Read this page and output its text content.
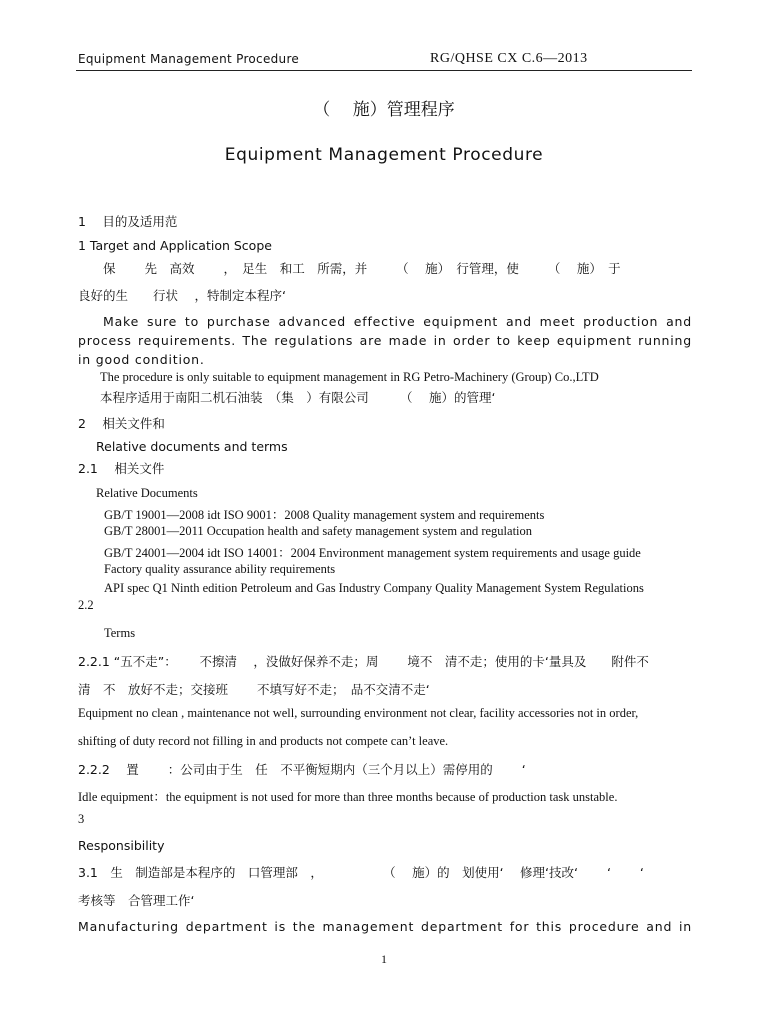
Equipment Management Procedure	RG/QHSE CX C.6—2013
（　 施）管理程序
Equipment Management Procedure
1　 目的及适用范
1 Target and Application Scope
保　　 先　高效　　 ，　足生　和工　所需，并　　 （　 施）　行管理，使　　 （　 施）　于
良好的生　　行状　 ，特制定本程序ʻ
Make sure to purchase advanced effective equipment and meet production and process requirements. The regulations are made in order to keep equipment running in good condition.
The procedure is only suitable to equipment management in RG Petro-Machinery (Group) Co.,LTD
本程序适用于南阳二机石油装　（集　）有限公司　　　（　 施）的管理ʻ
2　 相关文件和
Relative documents and terms
2.1　 相关文件
Relative Documents
GB/T 19001—2008 idt ISO 9001：2008 Quality management system and requirements
GB/T 28001—2011 Occupation health and safety management system and regulation
GB/T 24001—2004 idt ISO 14001：2004 Environment management system requirements and usage guide
Factory quality assurance ability requirements
API spec Q1 Ninth edition Petroleum and Gas Industry Company Quality Management System Regulations
2.2
Terms
2.2.1 “五不走”：　　 不擦清　 ，没做好保养不走；周　　 境不　清不走；使用的卡ʻ量具及　　附件不
清　不　放好不走；交接班　　 不填写好不走；　品不交清不走ʻ
Equipment no clean , maintenance not well, surrounding environment not clear, facility accessories not in order,
shifting of duty record not filling in and products not compete can’t leave.
2.2.2　 置　　 ：公司由于生　任　不平衡短期内（三个月以上）需停用的　　 ʻ
Idle equipment：the equipment is not used for more than three months because of production task unstable.
3
Responsibility
3.1　生　制造部是本程序的　口管理部　，　　　　　 （　 施）的　划使用ʻ　 修理ʻ技改ʻ　　 ʻ　　 ʻ
考核等　合管理工作ʻ
Manufacturing department is the management department for this procedure and in
1
